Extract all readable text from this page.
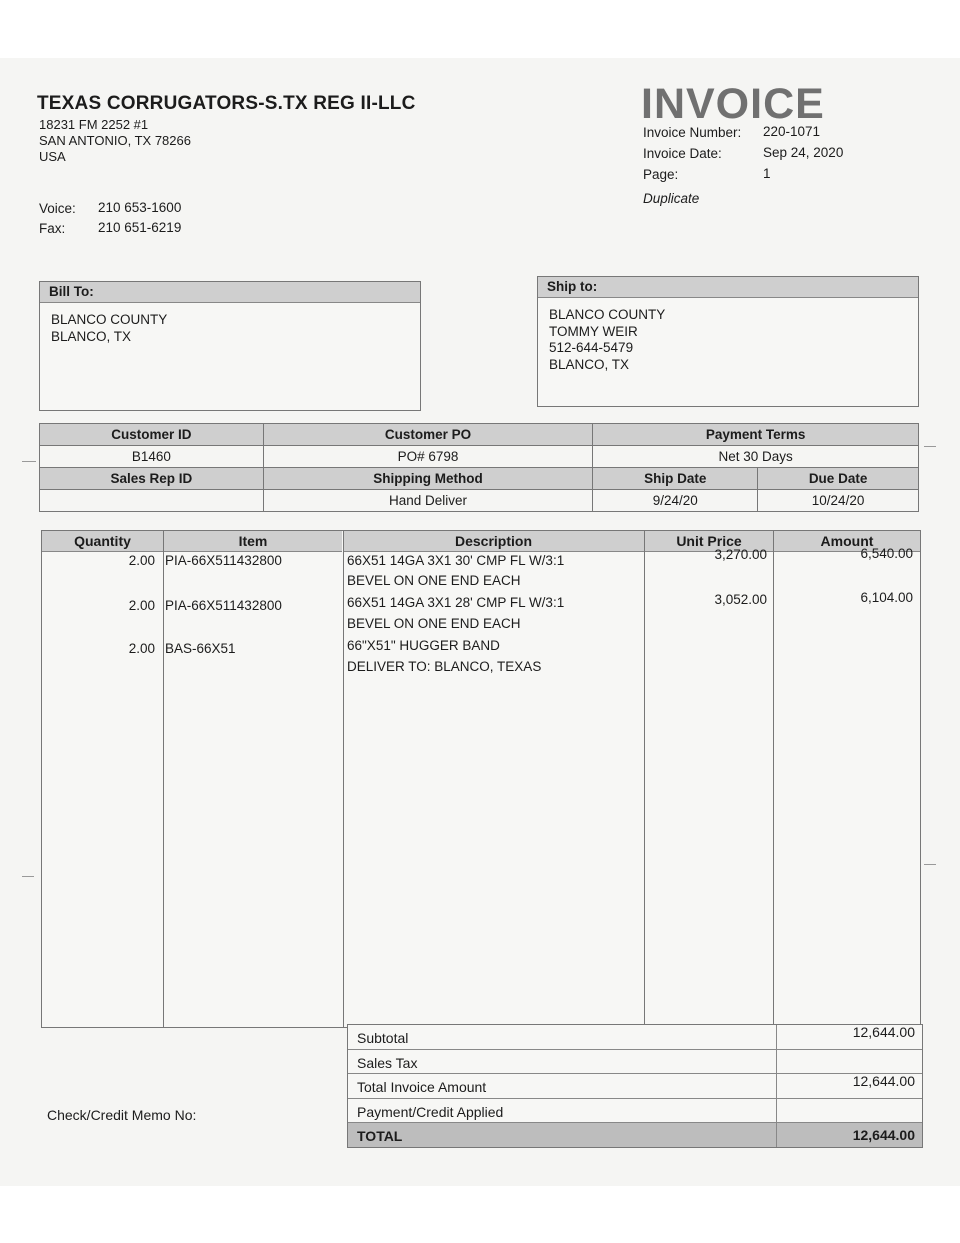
TEXAS CORRUGATORS-S.TX REG II-LLC
18231 FM 2252 #1
SAN ANTONIO, TX 78266
USA
Voice: 210 653-1600
Fax: 210 651-6219
INVOICE
Invoice Number: 220-1071
Invoice Date:	Sep 24, 2020
Page:	1
Duplicate
Bill To:
BLANCO COUNTY
BLANCO, TX
Ship to:
BLANCO COUNTY
TOMMY WEIR
512-644-5479
BLANCO, TX
Customer ID	Customer PO	Payment Terms	
B1460	PO# 6798	Net 30 Days	
Sales Rep ID	Shipping Method	Ship Date	Due Date
	Hand Deliver	9/24/20	10/24/20
Quantity	Item	Description	Unit Price	Amount
2.00 PIA-66X511432800	66X51 14GA 3X1 30' CMP FL W/3:1	3,270.00	6,540.00
BEVEL ON ONE END EACH
2.00 PIA-66X511432800	66X51 14GA 3X1 28' CMP FL W/3:1	3,052.00	6,104.00
BEVEL ON ONE END EACH
2.00 BAS-66X51	66"X51" HUGGER BAND
DELIVER TO: BLANCO, TEXAS
Subtotal	12,644.00
Sales Tax
Total Invoice Amount	12,644.00
Payment/Credit Applied
TOTAL	12,644.00
Check/Credit Memo No:
